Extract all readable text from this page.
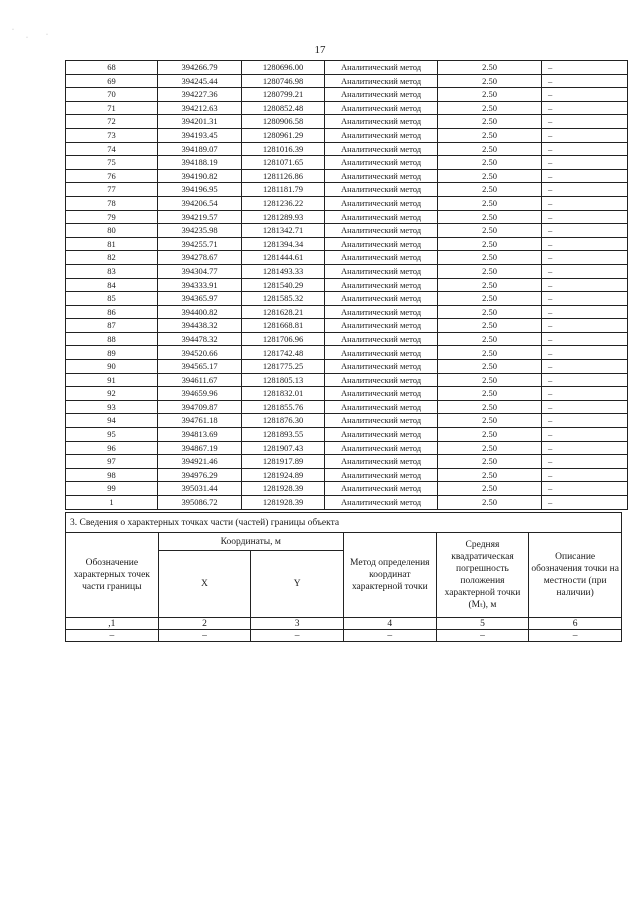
17
·
·	·
68	394266.79	1280696.00	Аналитический метод	2.50	–
69	394245.44	1280746.98	Аналитический метод	2.50	–
70	394227.36	1280799.21	Аналитический метод	2.50	–
71	394212.63	1280852.48	Аналитический метод	2.50	–
72	394201.31	1280906.58	Аналитический метод	2.50	–
73	394193.45	1280961.29	Аналитический метод	2.50	–
74	394189.07	1281016.39	Аналитический метод	2.50	–
75	394188.19	1281071.65	Аналитический метод	2.50	–
76	394190.82	1281126.86	Аналитический метод	2.50	–
77	394196.95	1281181.79	Аналитический метод	2.50	–
78	394206.54	1281236.22	Аналитический метод	2.50	–
79	394219.57	1281289.93	Аналитический метод	2.50	–
80	394235.98	1281342.71	Аналитический метод	2.50	–
81	394255.71	1281394.34	Аналитический метод	2.50	–
82	394278.67	1281444.61	Аналитический метод	2.50	–
83	394304.77	1281493.33	Аналитический метод	2.50	–
84	394333.91	1281540.29	Аналитический метод	2.50	–
85	394365.97	1281585.32	Аналитический метод	2.50	–
86	394400.82	1281628.21	Аналитический метод	2.50	–
87	394438.32	1281668.81	Аналитический метод	2.50	–
88	394478.32	1281706.96	Аналитический метод	2.50	–
89	394520.66	1281742.48	Аналитический метод	2.50	–
90	394565.17	1281775.25	Аналитический метод	2.50	–
91	394611.67	1281805.13	Аналитический метод	2.50	–
92	394659.96	1281832.01	Аналитический метод	2.50	–
93	394709.87	1281855.76	Аналитический метод	2.50	–
94	394761.18	1281876.30	Аналитический метод	2.50	–
95	394813.69	1281893.55	Аналитический метод	2.50	–
96	394867.19	1281907.43	Аналитический метод	2.50	–
97	394921.46	1281917.89	Аналитический метод	2.50	–
98	394976.29	1281924.89	Аналитический метод	2.50	–
99	395031.44	1281928.39	Аналитический метод	2.50	–
1	395086.72	1281928.39	Аналитический метод	2.50	–
3. Сведения о характерных точках части (частей) границы объекта					
Обозначение характерных точек части границы	Координаты, м		Метод определения координат характерной точки	Средняя квадратическая погрешность положения характерной точки (Mₜ), м	Описание обозначения точки на местности (при наличии)
	X	Y			
,1	2	3	4	5	6
–	–	–	–	–	–
